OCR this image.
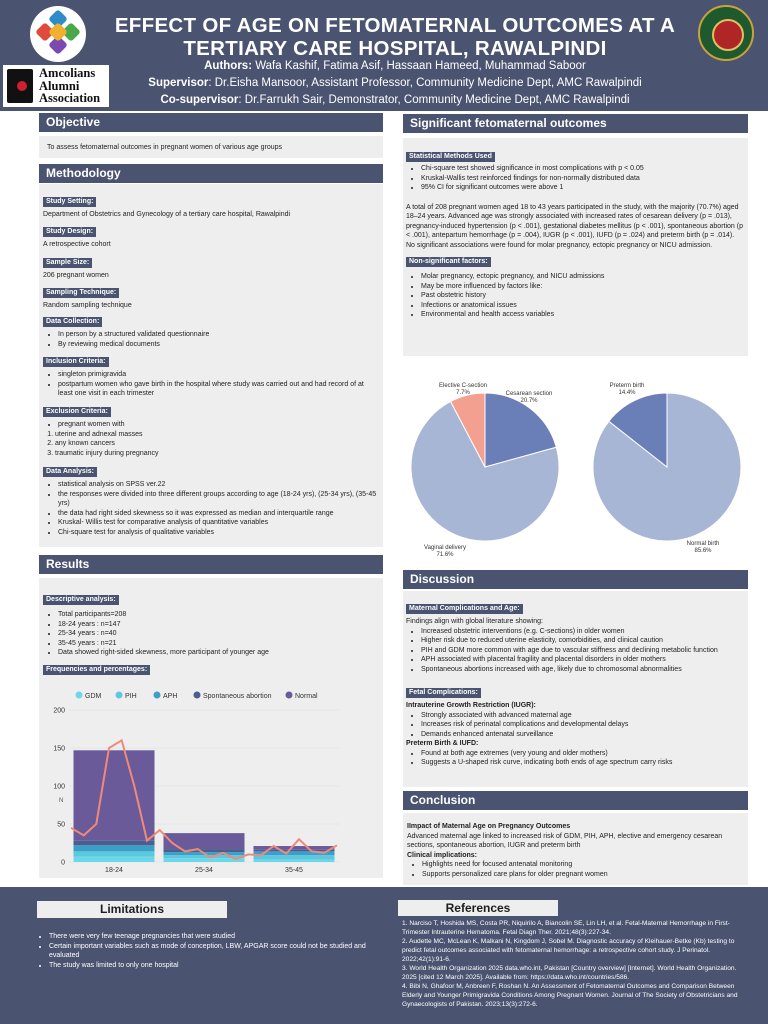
Amcolians
Alumni
Association
EFFECT OF AGE ON FETOMATERNAL OUTCOMES AT A
TERTIARY CARE HOSPITAL, RAWALPINDI
Authors: Wafa Kashif, Fatima Asif, Hassaan Hameed, Muhammad Saboor
Supervisor: Dr.Eisha Mansoor, Assistant Professor, Community Medicine Dept, AMC Rawalpindi
Co-supervisor: Dr.Farrukh Sair, Demonstrator, Community Medicine Dept, AMC Rawalpindi
Objective

To assess fetomaternal outcomes in pregnant women of various age groups

Methodology
Study Setting:

Department of Obstetrics and Gynecology of a tertiary care hospital, Rawalpindi

Study Design:

A retrospective cohort

Sample Size:

206 pregnant women

Sampling Technique:

Random sampling technique

Data Collection:
• In person by a structured validated questionnaire
• By reviewing medical documents
Inclusion Criteria:
• singleton primigravida
• postpartum women who gave birth in the hospital where study was carried out and had record of at least one visit in each trimester
Exclusion Criteria:
• pregnant women with
1. uterine and adnexal masses
2. any known cancers
3. traumatic injury during pregnancy
Data Analysis:
• statistical analysis on SPSS ver.22
• the responses were divided into three different groups according to age (18-24 yrs), (25-34 yrs), (35-45 yrs)
• the data had right sided skewness so it was expressed as median and interquartile range
• Kruskal- Willis test for comparative analysis of quantitative variables
• Chi-square test for analysis of qualitative variables
Results
Descriptive analysis:
• Total participants=208
• 18-24 years : n=147
• 25-34 years : n=40
• 35-45 years : n=21
• Data showed right-sided skewness, more participant of younger age
Frequencies and percentages:
GDM	PIH	APH	Spontaneous abortion	Normal
0
50
100
150
200
N
18-24	25-34	35-45
Significant fetomaternal outcomes
Statistical Methods Used
• Chi-square test showed significance in most complications with p < 0.05
• Kruskal-Wallis test reinforced findings for non-normally distributed data
• 95% CI for significant outcomes were above 1

A total of 208 pregnant women aged 18 to 43 years participated in the study, with the majority (70.7%) aged 18–24 years. Advanced age was strongly associated with increased rates of cesarean delivery (p = .013), pregnancy-induced hypertension (p < .001), gestational diabetes mellitus (p < .001), spontaneous abortion (p < .001), antepartum hemorrhage (p = .004), IUGR (p < .001), IUFD (p = .024) and preterm birth (p = .014). No significant associations were found for molar pregnancy, ectopic pregnancy or NICU admission.

Non-significant factors:
• Molar pregnancy, ectopic pregnancy, and NICU admissions
• May be more influenced by factors like:
• Past obstetric history
• Infections or anatomical issues
• Environmental and health access variables
Cesarean section
20.7%
Vaginal delivery
71.6%
Elective C-section
7.7%
Normal birth
85.6%
Preterm birth
14.4%
Discussion
Maternal Complications and Age:

Findings align with global literature showing:

• Increased obstetric interventions (e.g. C-sections) in older women
• Higher risk due to reduced uterine elasticity, comorbidities, and clinical caution
• PIH and GDM more common with age due to vascular stiffness and declining metabolic function
• APH associated with placental fragility and placental disorders in older mothers
• Spontaneous abortions increased with age, likely due to chromosomal abnormalities
Fetal Complications:

Intrauterine Growth Restriction (IUGR):

• Strongly associated with advanced maternal age
• Increases risk of perinatal complications and developmental delays
• Demands enhanced antenatal surveillance

Preterm Birth & IUFD:

• Found at both age extremes (very young and older mothers)
• Suggests a U-shaped risk curve, indicating both ends of age spectrum carry risks
Conclusion

IImpact of Maternal Age on Pregnancy Outcomes

Advanced maternal age linked to increased risk of GDM, PIH, APH, elective and emergency cesarean sections, spontaneous abortion, IUGR and preterm birth

Clinical implications:

• Highlights need for focused antenatal monitoring
• Supports personalized care plans for older pregnant women
Limitations
• There were very few teenage pregnancies that were studied
• Certain important variables such as mode of conception, LBW, APGAR score could not be studied and evaluated
• The study was limited to only one hospital
References

1. Narciso T, Hoshida MS, Costa PR, Niquirilo A, Biancolin SE, Lin LH, et al. Fetal-Maternal Hemorrhage in First-Trimester Intrauterine Hematoma. Fetal Diagn Ther. 2021;48(3):227-34.

2. Audette MC, McLean K, Malkani N, Kingdom J, Sobel M. Diagnostic accuracy of Kleihauer-Betke (Kb) testing to predict fetal outcomes associated with fetomaternal hemorrhage: a retrospective cohort study. J Perinatol. 2022;42(1):91-6.

3. World Health Organization 2025 data.who.int, Pakistan [Country overview] [Internet]. World Health Organization. 2025 [cited 12 March 2025]. Available from: https://data.who.int/countries/586.

4. Bibi N, Ghafoor M, Anbreen F, Roshan N. An Assessment of Fetomaternal Outcomes and Comparison Between Elderly and Younger Primigravida Conditions Among Pregnant Women. Journal of The Society of Obstetricians and Gynaecologists of Pakistan. 2023;13(3):272-6.
